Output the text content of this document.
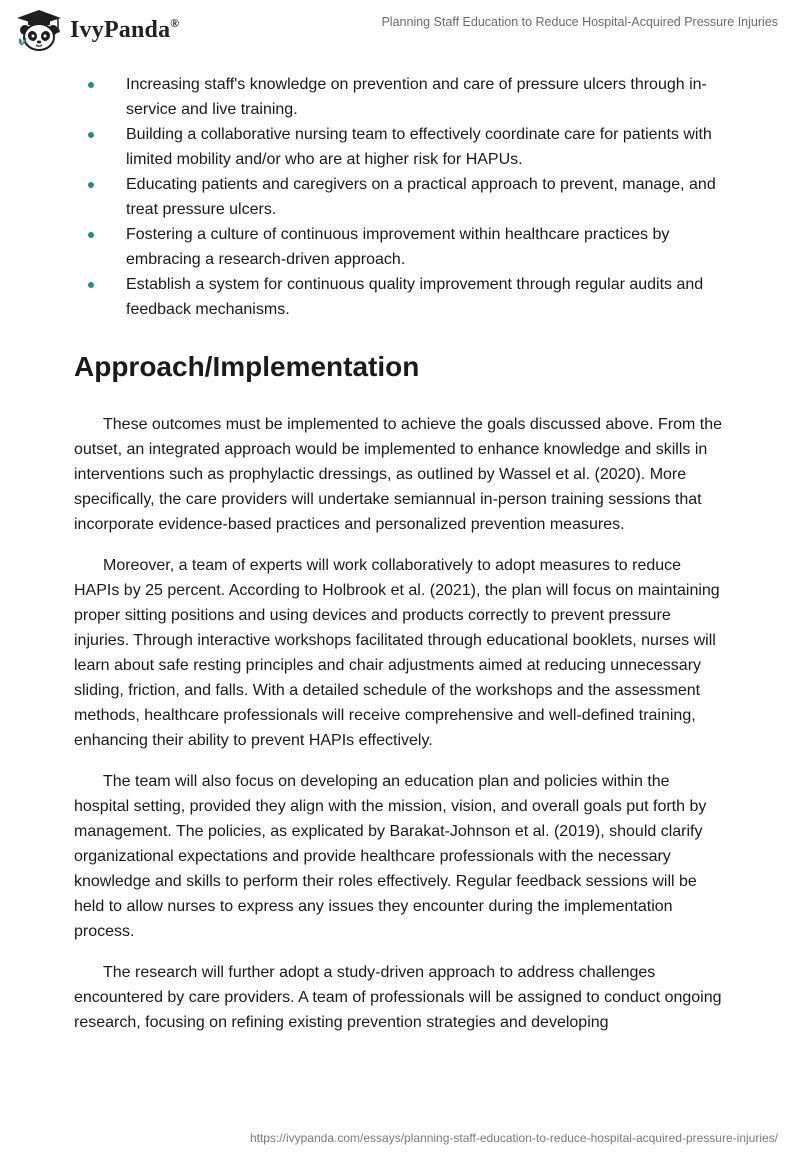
IvyPanda®	Planning Staff Education to Reduce Hospital-Acquired Pressure Injuries
Increasing staff's knowledge on prevention and care of pressure ulcers through in-service and live training.
Building a collaborative nursing team to effectively coordinate care for patients with limited mobility and/or who are at higher risk for HAPUs.
Educating patients and caregivers on a practical approach to prevent, manage, and treat pressure ulcers.
Fostering a culture of continuous improvement within healthcare practices by embracing a research-driven approach.
Establish a system for continuous quality improvement through regular audits and feedback mechanisms.
Approach/Implementation

These outcomes must be implemented to achieve the goals discussed above. From the outset, an integrated approach would be implemented to enhance knowledge and skills in interventions such as prophylactic dressings, as outlined by Wassel et al. (2020). More specifically, the care providers will undertake semiannual in-person training sessions that incorporate evidence-based practices and personalized prevention measures.

Moreover, a team of experts will work collaboratively to adopt measures to reduce HAPIs by 25 percent. According to Holbrook et al. (2021), the plan will focus on maintaining proper sitting positions and using devices and products correctly to prevent pressure injuries. Through interactive workshops facilitated through educational booklets, nurses will learn about safe resting principles and chair adjustments aimed at reducing unnecessary sliding, friction, and falls. With a detailed schedule of the workshops and the assessment methods, healthcare professionals will receive comprehensive and well-defined training, enhancing their ability to prevent HAPIs effectively.

The team will also focus on developing an education plan and policies within the hospital setting, provided they align with the mission, vision, and overall goals put forth by management. The policies, as explicated by Barakat-Johnson et al. (2019), should clarify organizational expectations and provide healthcare professionals with the necessary knowledge and skills to perform their roles effectively. Regular feedback sessions will be held to allow nurses to express any issues they encounter during the implementation process.

The research will further adopt a study-driven approach to address challenges encountered by care providers. A team of professionals will be assigned to conduct ongoing research, focusing on refining existing prevention strategies and developing

https://ivypanda.com/essays/planning-staff-education-to-reduce-hospital-acquired-pressure-injuries/
